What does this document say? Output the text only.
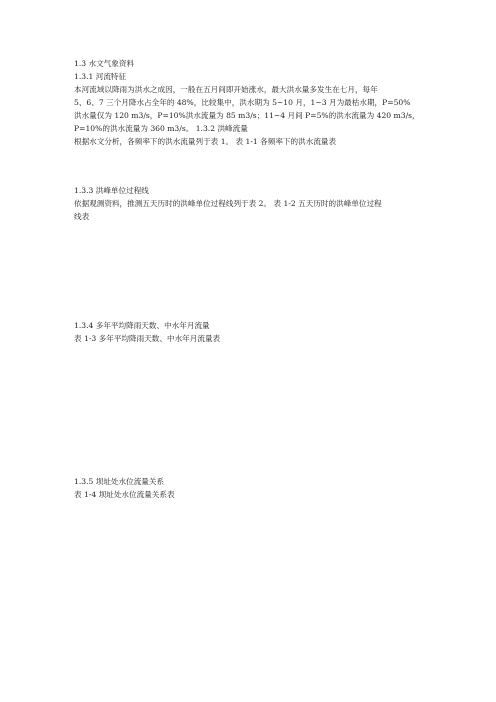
1.3 水文气象资料
1.3.1 河流特征
本河流域以降雨为洪水之成因，一般在五月间即开始涨水，最大洪水量多发生在七月，每年
5、6、7 三个月降水占全年的 48%，比较集中，洪水期为 5~10 月，1~3 月为最枯水期，P=50%
洪水量仅为 120 m3/s，P=10%洪水流量为 85 m3/s；11~4 月间 P=5%的洪水流量为 420 m3/s，
P=10%的洪水流量为 360 m3/s。 1.3.2 洪峰流量
根据水文分析，各频率下的洪水流量列于表 1。 表 1-1 各频率下的洪水流量表
1.3.3 洪峰单位过程线
依据观测资料，推测五天历时的洪峰单位过程线列于表 2。 表 1-2 五天历时的洪峰单位过程
线表
1.3.4 多年平均降雨天数、中水年月流量
表 1-3 多年平均降雨天数、中水年月流量表
1.3.5 坝址处水位流量关系
表 1-4 坝址处水位流量关系表
